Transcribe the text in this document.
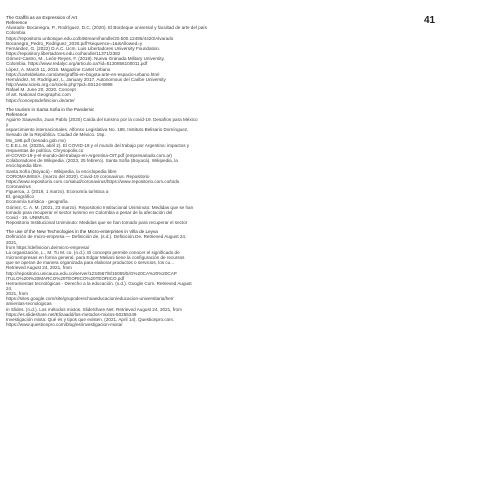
41
The Graffiti as an Expression of Art
Reference
Alvarado- Bocanegra, P., Rodríguez, D.C. (2020). El Bordeque universal y facultad de arte del país
Colombia
https://repositorio.unbosque.edu.co/bitstream/handle/20.500.12495/4420/Alvarado
Bocanegra_Pedro_Rodriguez_2020.pdf?sequence=1&isAllowed=y
Fernández, G. (2022) D.A.C. Ucm. Luis Libertadores University Foundation.
https://repository.libertadores.edu.co/handle/11371/2382
Gómez-Castro, M., León-Reyes, F. (2019). Nueva Granada Military University,
Colombia. https://www.redalyc.org/articulo.oa?id=5130856100011.pdf
López, A. March 11, 2015. Magazine Cartel Urbano
https://carteldelarte.com/arte/graffiti-en-bogota-arte-en-espacio-urbano.html
Hernández, M. Rodríguez, L. January 2017. Autonomous del Caribe University
http://www.scielo.org.co/scielo.php?pid=S0124-8998
Rafael M. June 20, 2020. Concept
of art. National Geographic.com
https://conceptodefinicion.de/arte/
The tourism in Santa Sofia in the Pandemic
Reference
Aguirre Saavedra, Juan Pablo (2020) Caída del turismo por la covid-19. Desafíos para México
y
esparcimiento internacionales. Alfonso Legislativa No. 188, Instituto Belisario Domínguez,
Senado de la República. Ciudad de México. 15p.
Mx_188.pdf (senado.gob.mx)
C.E.E.L.M. (2020a, abril 2). El COVID-19 y el mundo del trabajo por Argentina: impactos y
respuestas de política. Chrysopolis.co
el-COVID-19-y-el-mundo-del-trabajo-en-Argentina-OIT.pdf (empresariado.com.ar)
Colaboradores de Wikipedia. (2023, 25 febrero). Santa Sofía (Boyacá). Wikipedia, la
enciclopedia libre.
Santa Sofía (Boyacá) - Wikipedia, la enciclopedia libre
COROMAIMSI/A. (marzo del 2020). Covid-19 coronavirus. Repositorio
https://www.repositorio.com.co/salud/coronavirus/https://www.repositorio.com.co/todo
Coronavirus
Figueroa, J. (2019, 1 marzo). Economía turística a
El, geográfico
Economía turística - geografía.
Gómez, C. A. M. (2021, 23 marzo). Repositorio Institucional Uniminuto: Medidas que se han
tomado para recuperar el sector turismo en Colombia a pesar de la afectación del
Covid - 19. UNIMIUS.
Repositorio Institucional Uniminuto: Medidas que se han tomado para recuperar el sector
The use of the New Technologies in the Micro-enterprises in Villa de Leyva
Definición de micro-empresa — Definición de. (s.d.). Definición.De. Retrieved August 24,
2021,
from https://definicion.de/micro-empresa/
La organización, L., M. Tu M. co. (n.d.). El concepto permite conocer el significado de
microempresas en forma general, para Edgar Meliani tiene la configuración de recursos
que se operan de manera organizada para elaborar productos o servicios, los cu...
Retrieved August 24, 2021, from
http://repositorio.unicauca.edu.co/server/1234567/8/15055/5/G%20CA%20%20CAP
ITULO%20I%20MARCO%20TEORICO%20TEORICO.pdf
Herramientas tecnológicas - Derecho a la educación. (s.d.). Google Com. Retrieved August
24,
2021, from
https://sites.google.com/site/grupoderechoaeducacion/educacion-universitaria/herr
amientas-tecnologicas
in Slides. (n.d.). Los métodos mixtos. SlideShare.Net. Retrieved August 24, 2021, from
https://es.slideshare.net/Elizaadd/los-metodos-mixtos-50255249
Investigación mixta: Qué es y tipos que existen. (2021, April 14). Questionpro.com.
https://www.questionpro.com/blog/es/investigacion-mixta/
